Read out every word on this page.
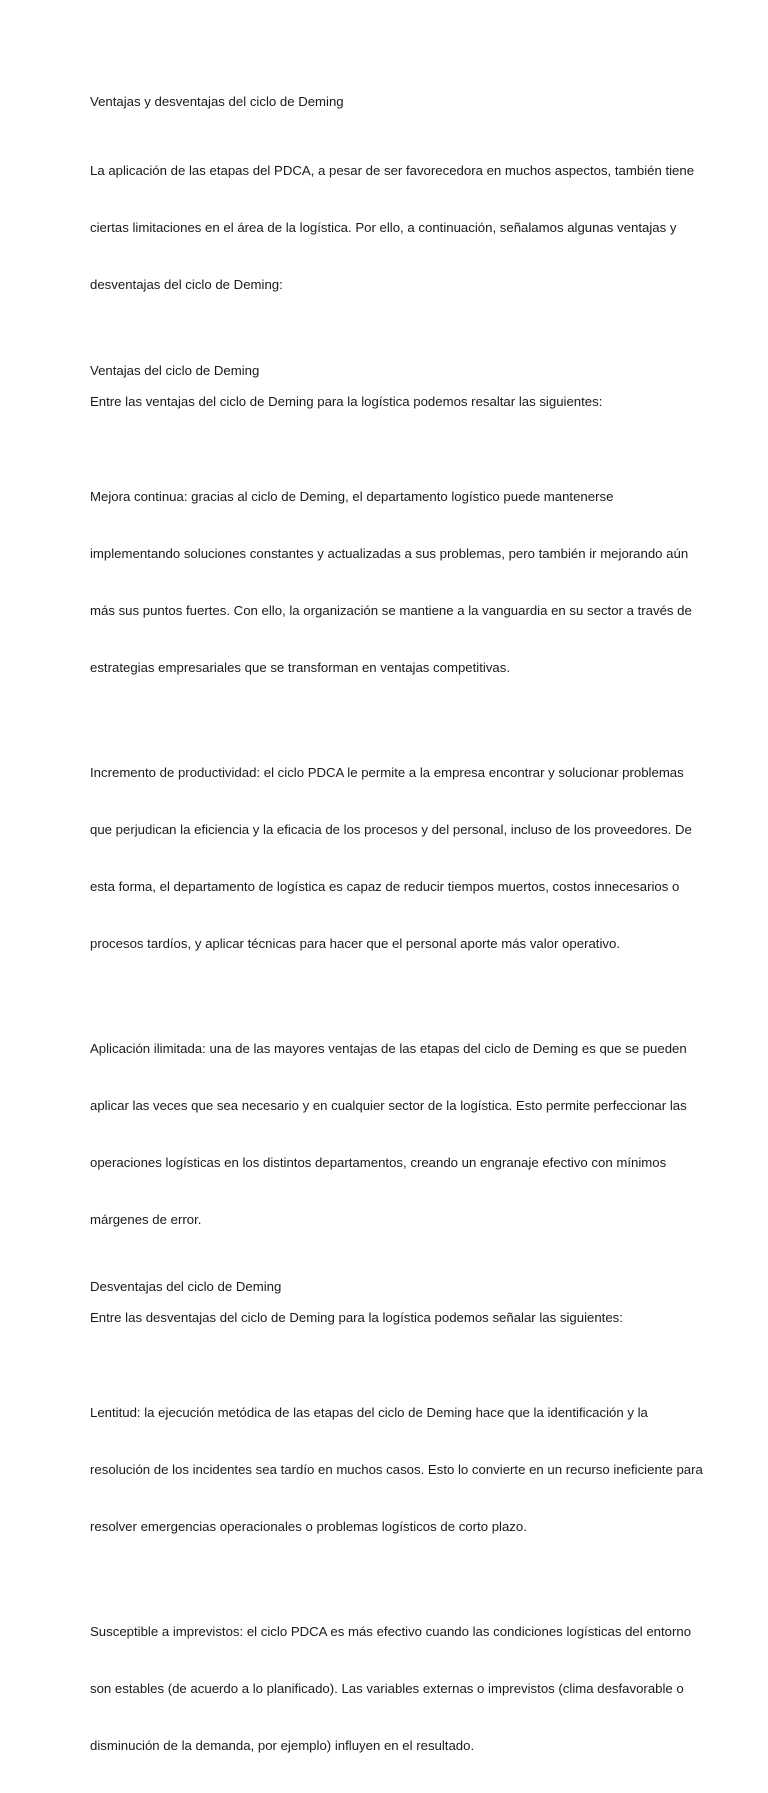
Ventajas y desventajas del ciclo de Deming

La aplicación de las etapas del PDCA, a pesar de ser favorecedora en muchos aspectos, también tiene

ciertas limitaciones en el área de la logística. Por ello, a continuación, señalamos algunas ventajas y

desventajas del ciclo de Deming:

Ventajas del ciclo de Deming

Entre las ventajas del ciclo de Deming para la logística podemos resaltar las siguientes:

Mejora continua: gracias al ciclo de Deming, el departamento logístico puede mantenerse

implementando soluciones constantes y actualizadas a sus problemas, pero también ir mejorando aún

más sus puntos fuertes. Con ello, la organización se mantiene a la vanguardia en su sector a través de

estrategias empresariales que se transforman en ventajas competitivas.

Incremento de productividad: el ciclo PDCA le permite a la empresa encontrar y solucionar problemas

que perjudican la eficiencia y la eficacia de los procesos y del personal, incluso de los proveedores. De

esta forma, el departamento de logística es capaz de reducir tiempos muertos, costos innecesarios o

procesos tardíos, y aplicar técnicas para hacer que el personal aporte más valor operativo.

Aplicación ilimitada: una de las mayores ventajas de las etapas del ciclo de Deming es que se pueden

aplicar las veces que sea necesario y en cualquier sector de la logística. Esto permite perfeccionar las

operaciones logísticas en los distintos departamentos, creando un engranaje efectivo con mínimos

márgenes de error.

Desventajas del ciclo de Deming

Entre las desventajas del ciclo de Deming para la logística podemos señalar las siguientes:

Lentitud: la ejecución metódica de las etapas del ciclo de Deming hace que la identificación y la

resolución de los incidentes sea tardío en muchos casos. Esto lo convierte en un recurso ineficiente para

resolver emergencias operacionales o problemas logísticos de corto plazo.

Susceptible a imprevistos: el ciclo PDCA es más efectivo cuando las condiciones logísticas del entorno

son estables (de acuerdo a lo planificado). Las variables externas o imprevistos (clima desfavorable o

disminución de la demanda, por ejemplo) influyen en el resultado.
